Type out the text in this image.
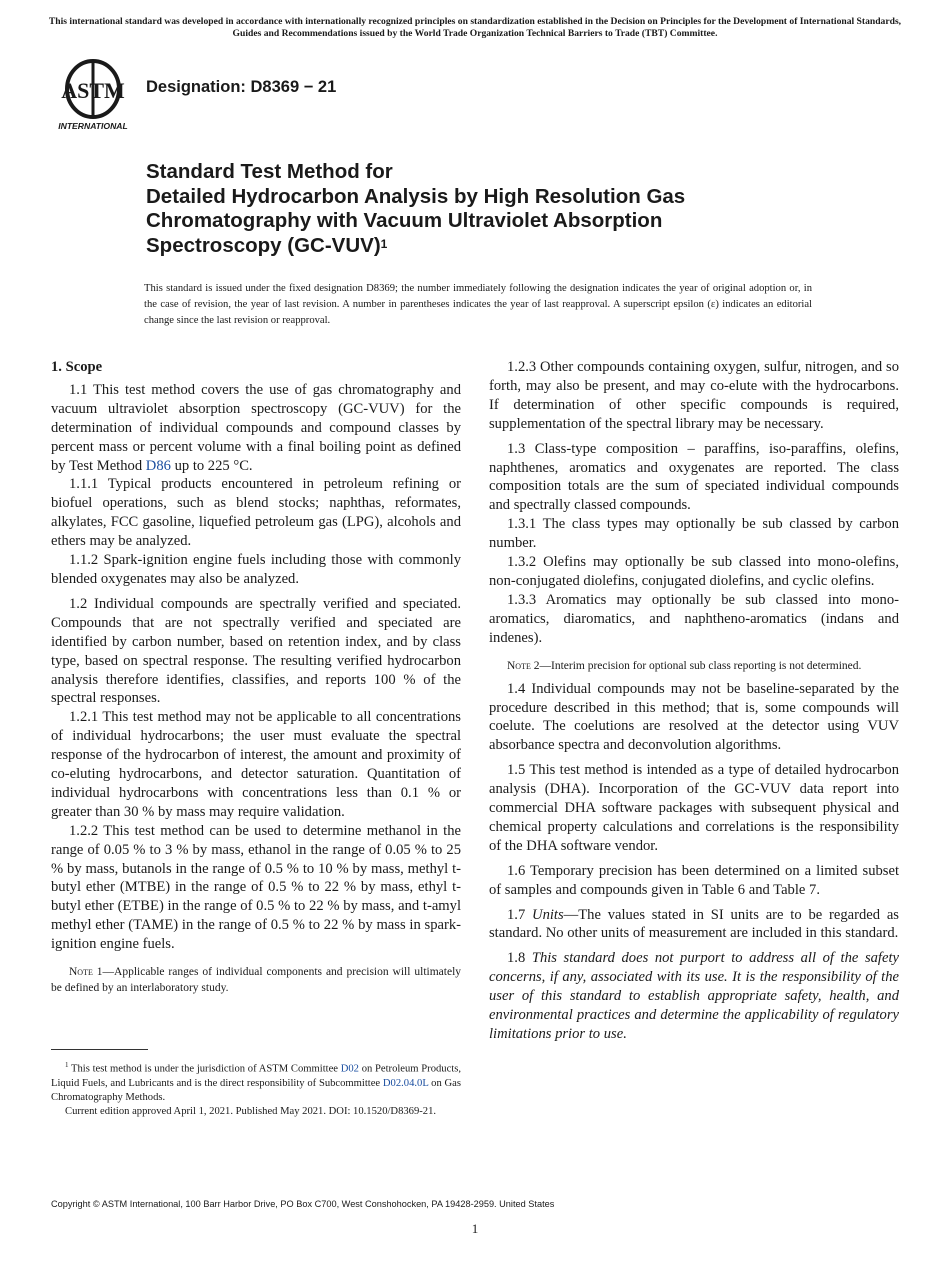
This international standard was developed in accordance with internationally recognized principles on standardization established in the Decision on Principles for the Development of International Standards, Guides and Recommendations issued by the World Trade Organization Technical Barriers to Trade (TBT) Committee.
ASTM
INTERNATIONAL
Designation: D8369 − 21
Standard Test Method for
Detailed Hydrocarbon Analysis by High Resolution Gas
Chromatography with Vacuum Ultraviolet Absorption
Spectroscopy $(GC-VUV)^1$
This standard is issued under the fixed designation D8369; the number immediately following the designation indicates the year of original adoption or, in the case of revision, the year of last revision. A number in parentheses indicates the year of last reapproval. A superscript epsilon (ε) indicates an editorial change since the last revision or reapproval.

1. Scope

1.1 This test method covers the use of gas chromatography and vacuum ultraviolet absorption spectroscopy (GC-VUV) for the determination of individual compounds and compound classes by percent mass or percent volume with a final boiling point as defined by Test Method D86 up to 225 °C.

1.1.1 Typical products encountered in petroleum refining or biofuel operations, such as blend stocks; naphthas, reformates, alkylates, FCC gasoline, liquefied petroleum gas (LPG), alcohols and ethers may be analyzed.

1.1.2 Spark-ignition engine fuels including those with commonly blended oxygenates may also be analyzed.

1.2 Individual compounds are spectrally verified and speciated. Compounds that are not spectrally verified and speciated are identified by carbon number, based on retention index, and by class type, based on spectral response. The resulting verified hydrocarbon analysis therefore identifies, classifies, and reports 100 % of the spectral responses.

1.2.1 This test method may not be applicable to all concentrations of individual hydrocarbons; the user must evaluate the spectral response of the hydrocarbon of interest, the amount and proximity of co-eluting hydrocarbons, and detector saturation. Quantitation of individual hydrocarbons with concentrations less than 0.1 % or greater than 30 % by mass may require validation.

1.2.2 This test method can be used to determine methanol in the range of 0.05 % to 3 % by mass, ethanol in the range of 0.05 % to 25 % by mass, butanols in the range of 0.5 % to 10 % by mass, methyl t-butyl ether (MTBE) in the range of 0.5 % to 22 % by mass, ethyl t-butyl ether (ETBE) in the range of 0.5 % to 22 % by mass, and t-amyl methyl ether (TAME) in the range of 0.5 % to 22 % by mass in spark-ignition engine fuels.

Note 1—Applicable ranges of individual components and precision will ultimately be defined by an interlaboratory study.

$^1$ This test method is under the jurisdiction of ASTM Committee D02 on Petroleum Products, Liquid Fuels, and Lubricants and is the direct responsibility of Subcommittee D02.04.0L on Gas Chromatography Methods.

Current edition approved April 1, 2021. Published May 2021. DOI: 10.1520/D8369-21.

1.2.3 Other compounds containing oxygen, sulfur, nitrogen, and so forth, may also be present, and may co-elute with the hydrocarbons. If determination of other specific compounds is required, supplementation of the spectral library may be necessary.

1.3 Class-type composition – paraffins, iso-paraffins, olefins, naphthenes, aromatics and oxygenates are reported. The class composition totals are the sum of speciated individual compounds and spectrally classed compounds.

1.3.1 The class types may optionally be sub classed by carbon number.

1.3.2 Olefins may optionally be sub classed into mono-olefins, non-conjugated diolefins, conjugated diolefins, and cyclic olefins.

1.3.3 Aromatics may optionally be sub classed into mono-aromatics, diaromatics, and naphtheno-aromatics (indans and indenes).

Note 2—Interim precision for optional sub class reporting is not determined.

1.4 Individual compounds may not be baseline-separated by the procedure described in this method; that is, some compounds will coelute. The coelutions are resolved at the detector using VUV absorbance spectra and deconvolution algorithms.

1.5 This test method is intended as a type of detailed hydrocarbon analysis (DHA). Incorporation of the GC-VUV data report into commercial DHA software packages with subsequent physical and chemical property calculations and correlations is the responsibility of the DHA software vendor.

1.6 Temporary precision has been determined on a limited subset of samples and compounds given in Table 6 and Table 7.

1.7 Units—The values stated in SI units are to be regarded as standard. No other units of measurement are included in this standard.

1.8 This standard does not purport to address all of the safety concerns, if any, associated with its use. It is the responsibility of the user of this standard to establish appropriate safety, health, and environmental practices and determine the applicability of regulatory limitations prior to use.

Copyright © ASTM International, 100 Barr Harbor Drive, PO Box C700, West Conshohocken, PA 19428-2959. United States
1
